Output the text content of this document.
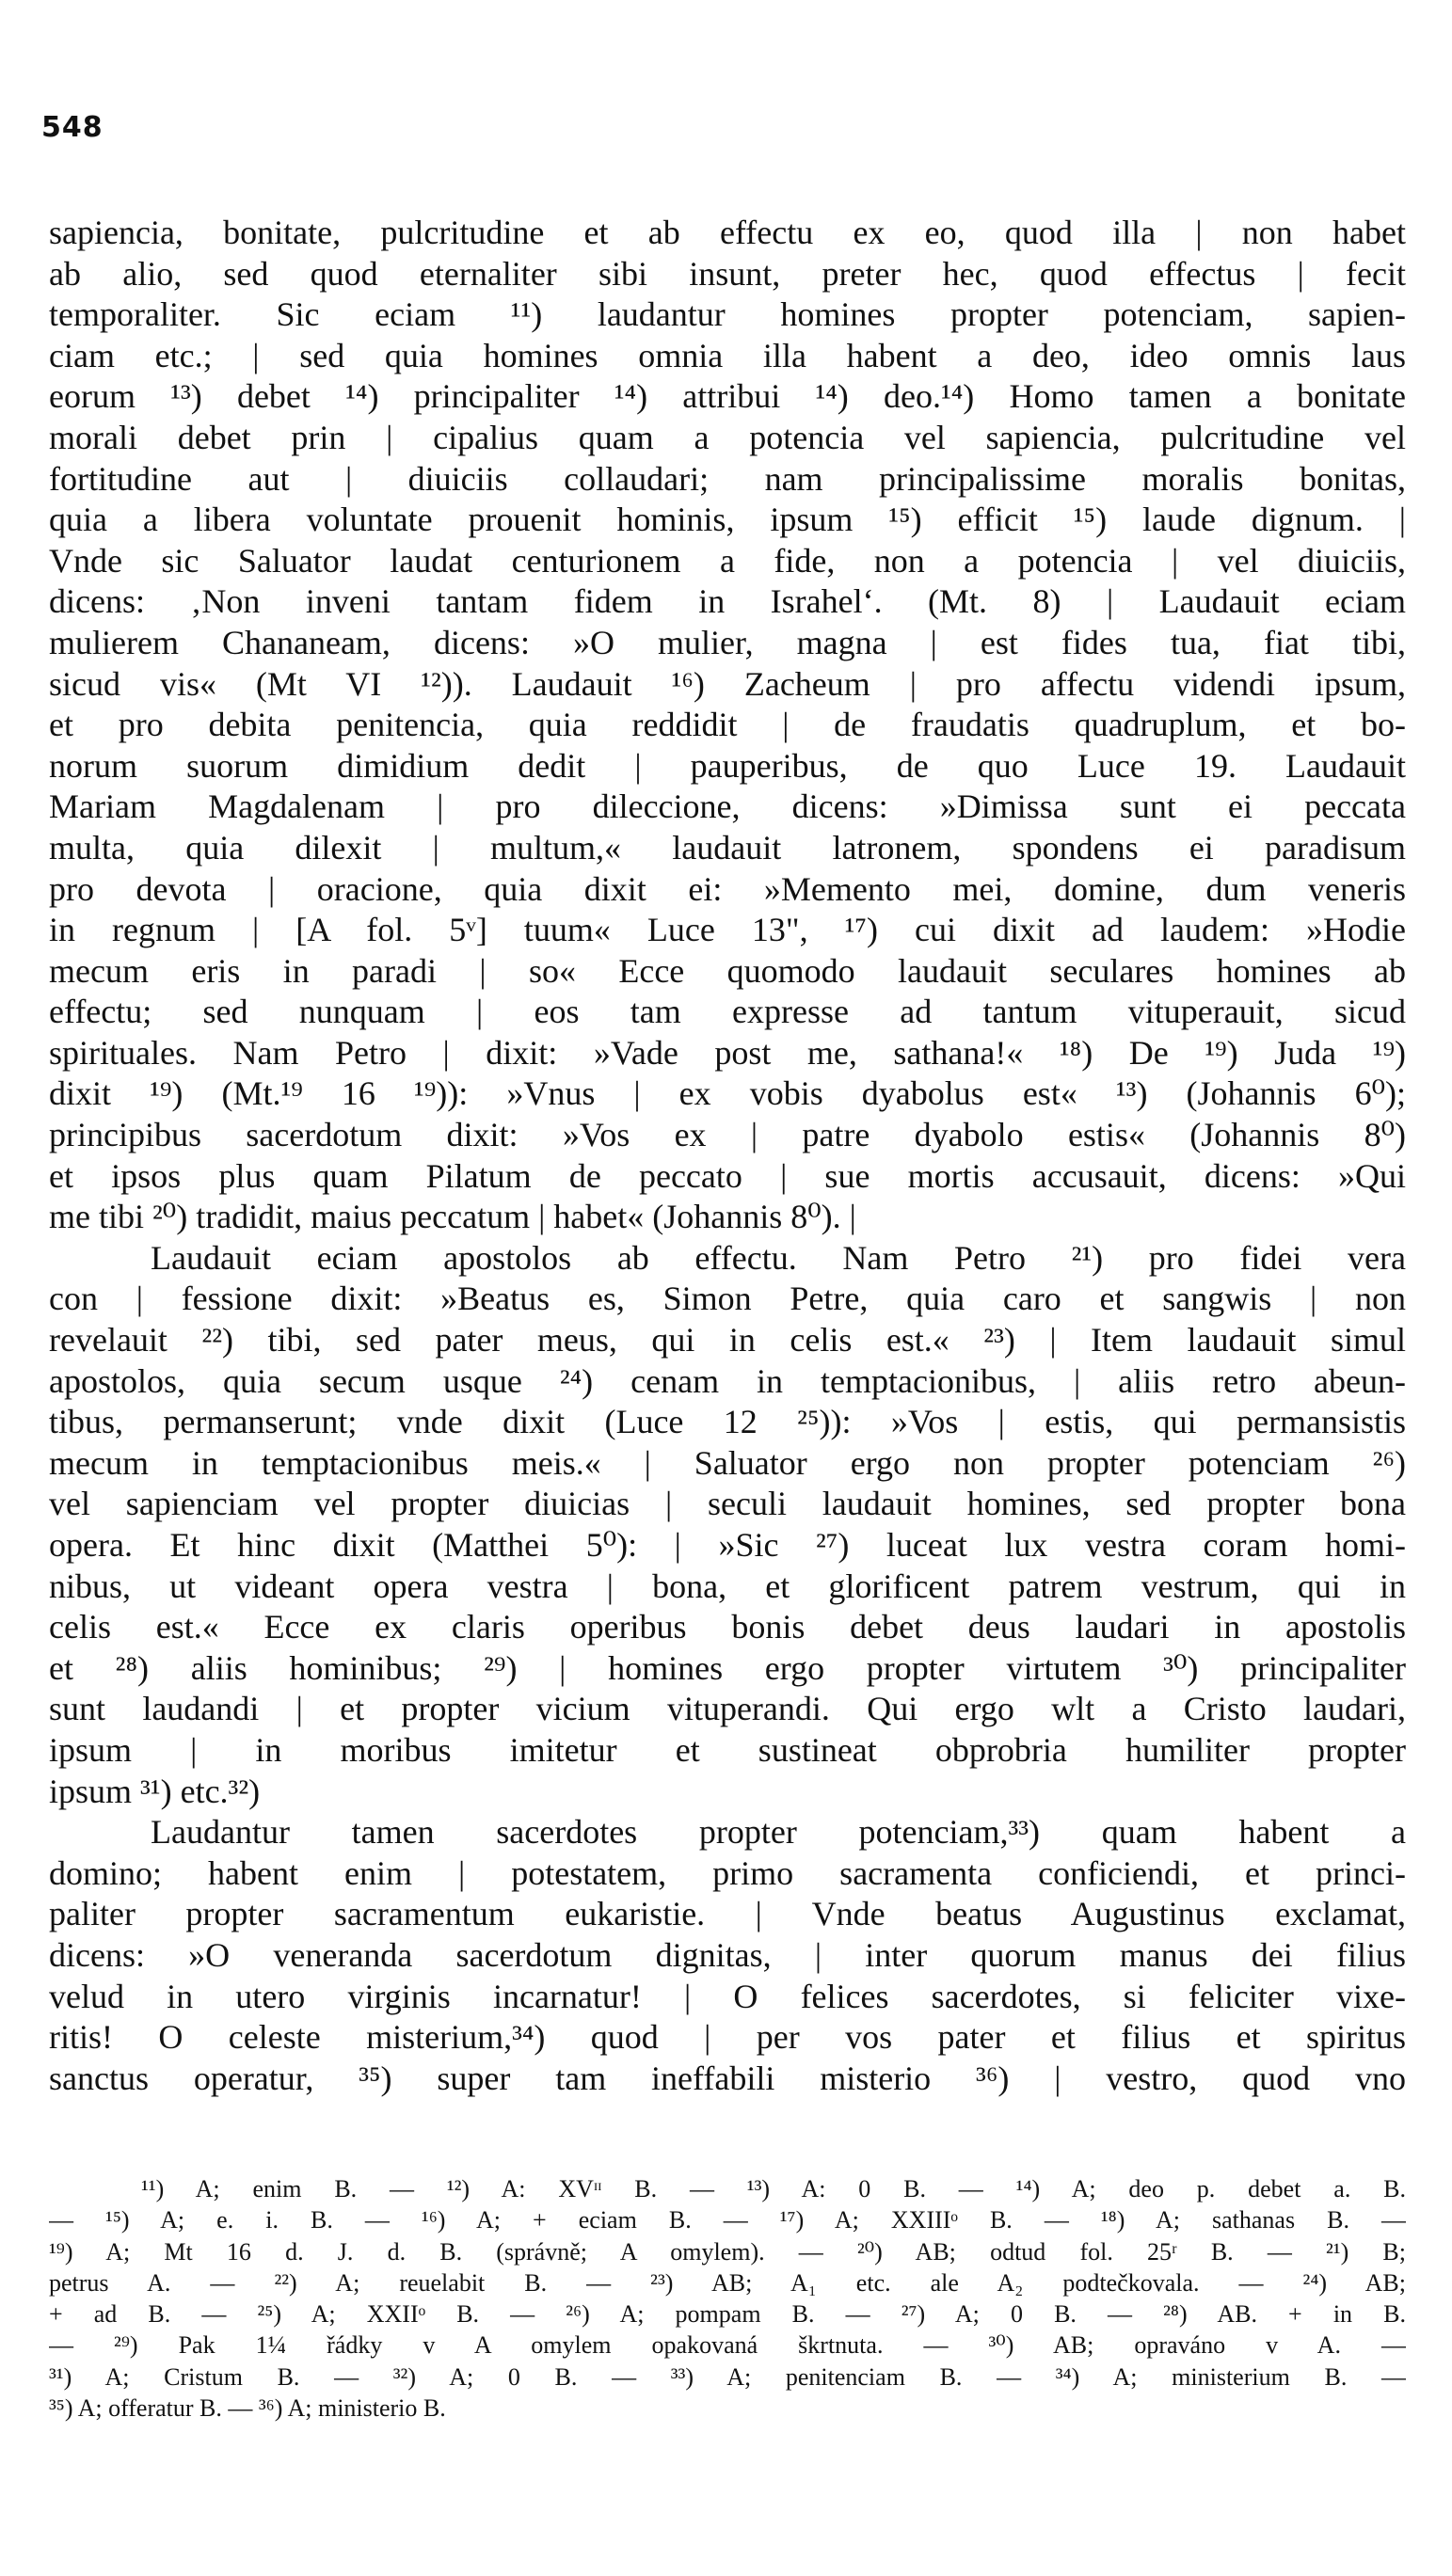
548
sapiencia, bonitate, pulcritudine et ab effectu ex eo, quod illa | non habet
ab alio, sed quod eternaliter sibi insunt, preter hec, quod effectus | fecit
temporaliter. Sic eciam ¹¹) laudantur homines propter potenciam, sapien-
ciam etc.; | sed quia homines omnia illa habent a deo, ideo omnis laus
eorum ¹³) debet ¹⁴) principaliter ¹⁴) attribui ¹⁴) deo.¹⁴) Homo tamen a bonitate
morali debet prin | cipalius quam a potencia vel sapiencia, pulcritudine vel
fortitudine aut | diuiciis collaudari; nam principalissime moralis bonitas,
quia a libera voluntate prouenit hominis, ipsum ¹⁵) efficit ¹⁵) laude dignum. |
Vnde sic Saluator laudat centurionem a fide, non a potencia | vel diuiciis,
dicens: ‚Non inveni tantam fidem in Israhel‘. (Mt. 8) | Laudauit eciam
mulierem Chananeam, dicens: »O mulier, magna | est fides tua, fiat tibi,
sicud vis« (Mt VI ¹²)). Laudauit ¹⁶) Zacheum | pro affectu videndi ipsum,
et pro debita penitencia, quia reddidit | de fraudatis quadruplum, et bo-
norum suorum dimidium dedit | pauperibus, de quo Luce 19. Laudauit
Mariam Magdalenam | pro dileccione, dicens: »Dimissa sunt ei peccata
multa, quia dilexit | multum,« laudauit latronem, spondens ei paradisum
pro devota | oracione, quia dixit ei: »Memento mei, domine, dum veneris
in regnum | [A fol. 5ᵛ] tuum« Luce 13", ¹⁷) cui dixit ad laudem: »Hodie
mecum eris in paradi | so« Ecce quomodo laudauit seculares homines ab
effectu; sed nunquam | eos tam expresse ad tantum vituperauit, sicud
spirituales. Nam Petro | dixit: »Vade post me, sathana!« ¹⁸) De ¹⁹) Juda ¹⁹)
dixit ¹⁹) (Mt.¹⁹ 16 ¹⁹)): »Vnus | ex vobis dyabolus est« ¹³) (Johannis 6⁰);
principibus sacerdotum dixit: »Vos ex | patre dyabolo estis« (Johannis 8⁰)
et ipsos plus quam Pilatum de peccato | sue mortis accusauit, dicens: »Qui
me tibi ²⁰) tradidit, maius peccatum | habet« (Johannis 8⁰). |
Laudauit eciam apostolos ab effectu. Nam Petro ²¹) pro fidei vera
con | fessione dixit: »Beatus es, Simon Petre, quia caro et sangwis | non
revelauit ²²) tibi, sed pater meus, qui in celis est.« ²³) | Item laudauit simul
apostolos, quia secum usque ²⁴) cenam in temptacionibus, | aliis retro abeun-
tibus, permanserunt; vnde dixit (Luce 12 ²⁵)): »Vos | estis, qui permansistis
mecum in temptacionibus meis.« | Saluator ergo non propter potenciam ²⁶)
vel sapienciam vel propter diuicias | seculi laudauit homines, sed propter bona
opera. Et hinc dixit (Matthei 5⁰): | »Sic ²⁷) luceat lux vestra coram homi-
nibus, ut videant opera vestra | bona, et glorificent patrem vestrum, qui in
celis est.« Ecce ex claris operibus bonis debet deus laudari in apostolis
et ²⁸) aliis hominibus; ²⁹) | homines ergo propter virtutem ³⁰) principaliter
sunt laudandi | et propter vicium vituperandi. Qui ergo wlt a Cristo laudari,
ipsum | in moribus imitetur et sustineat obprobria humiliter propter
ipsum ³¹) etc.³²)
Laudantur tamen sacerdotes propter potenciam,³³) quam habent a
domino; habent enim | potestatem, primo sacramenta conficiendi, et princi-
paliter propter sacramentum eukaristie. | Vnde beatus Augustinus exclamat,
dicens: »O veneranda sacerdotum dignitas, | inter quorum manus dei filius
velud in utero virginis incarnatur! | O felices sacerdotes, si feliciter vixe-
ritis! O celeste misterium,³⁴) quod | per vos pater et filius et spiritus
sanctus operatur, ³⁵) super tam ineffabili misterio ³⁶) | vestro, quod vno
¹¹) A; enim B. — ¹²) A: XVᶦᶦ B. — ¹³) A: 0 B. — ¹⁴) A; deo p. debet a. B.
— ¹⁵) A; e. i. B. — ¹⁶) A; + eciam B. — ¹⁷) A; XXIIIᵒ B. — ¹⁸) A; sathanas B. —
¹⁹) A; Mt 16 d. J. d. B. (správně; A omylem). — ²⁰) AB; odtud fol. 25ʳ B. — ²¹) B;
petrus A. — ²²) A; reuelabit B. — ²³) AB; A₁ etc. ale A₂ podtečkovala. — ²⁴) AB;
+ ad B. — ²⁵) A; XXIIᵒ B. — ²⁶) A; pompam B. — ²⁷) A; 0 B. — ²⁸) AB. + in B.
— ²⁹) Pak 1¼ řádky v A omylem opakovaná škrtnuta. — ³⁰) AB; opraváno v A. —
³¹) A; Cristum B. — ³²) A; 0 B. — ³³) A; penitenciam B. — ³⁴) A; ministerium B. —
³⁵) A; offeratur B. — ³⁶) A; ministerio B.
